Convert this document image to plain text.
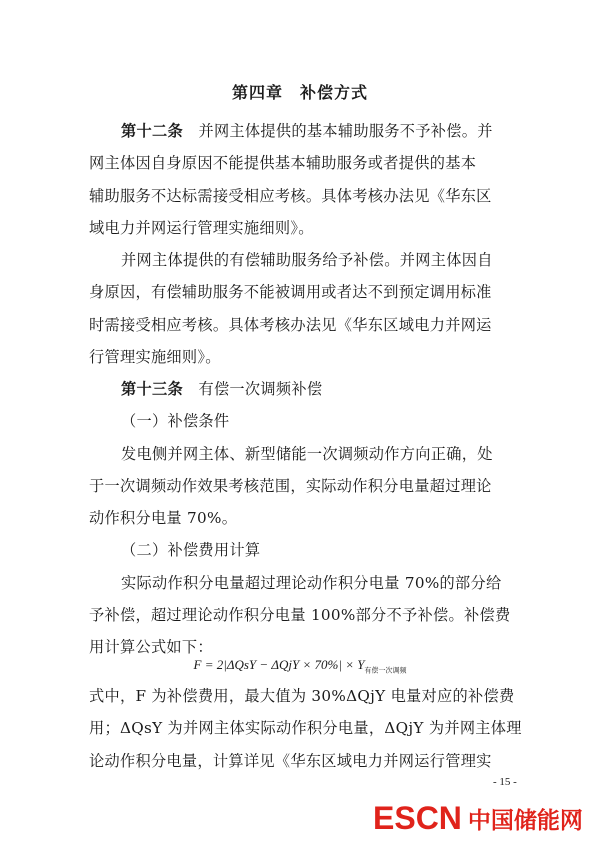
第四章　补偿方式
第十二条　 并网主体提供的基本辅助服务不予补偿。并
网主体因自身原因不能提供基本辅助服务或者提供的基本
辅助服务不达标需接受相应考核。具体考核办法见《华东区
域电力并网运行管理实施细则》。
并网主体提供的有偿辅助服务给予补偿。并网主体因自
身原因，有偿辅助服务不能被调用或者达不到预定调用标准
时需接受相应考核。具体考核办法见《华东区域电力并网运
行管理实施细则》。
第十三条　 有偿一次调频补偿
（一）补偿条件
发电侧并网主体、新型储能一次调频动作方向正确，处
于一次调频动作效果考核范围，实际动作积分电量超过理论
动作积分电量 70%。
（二）补偿费用计算
实际动作积分电量超过理论动作积分电量 70%的部分给
予补偿，超过理论动作积分电量 100%部分不予补偿。补偿费
用计算公式如下：
$F = 2|\Delta QsY - \Delta QjY \times 70\%| \times Y_{有偿一次调频}$
式中，F 为补偿费用，最大值为 30%ΔQjY 电量对应的补偿费
用；ΔQsY 为并网主体实际动作积分电量，ΔQjY 为并网主体理
论动作积分电量，计算详见《华东区域电力并网运行管理实
- 15 -
ESCN 中国储能网
